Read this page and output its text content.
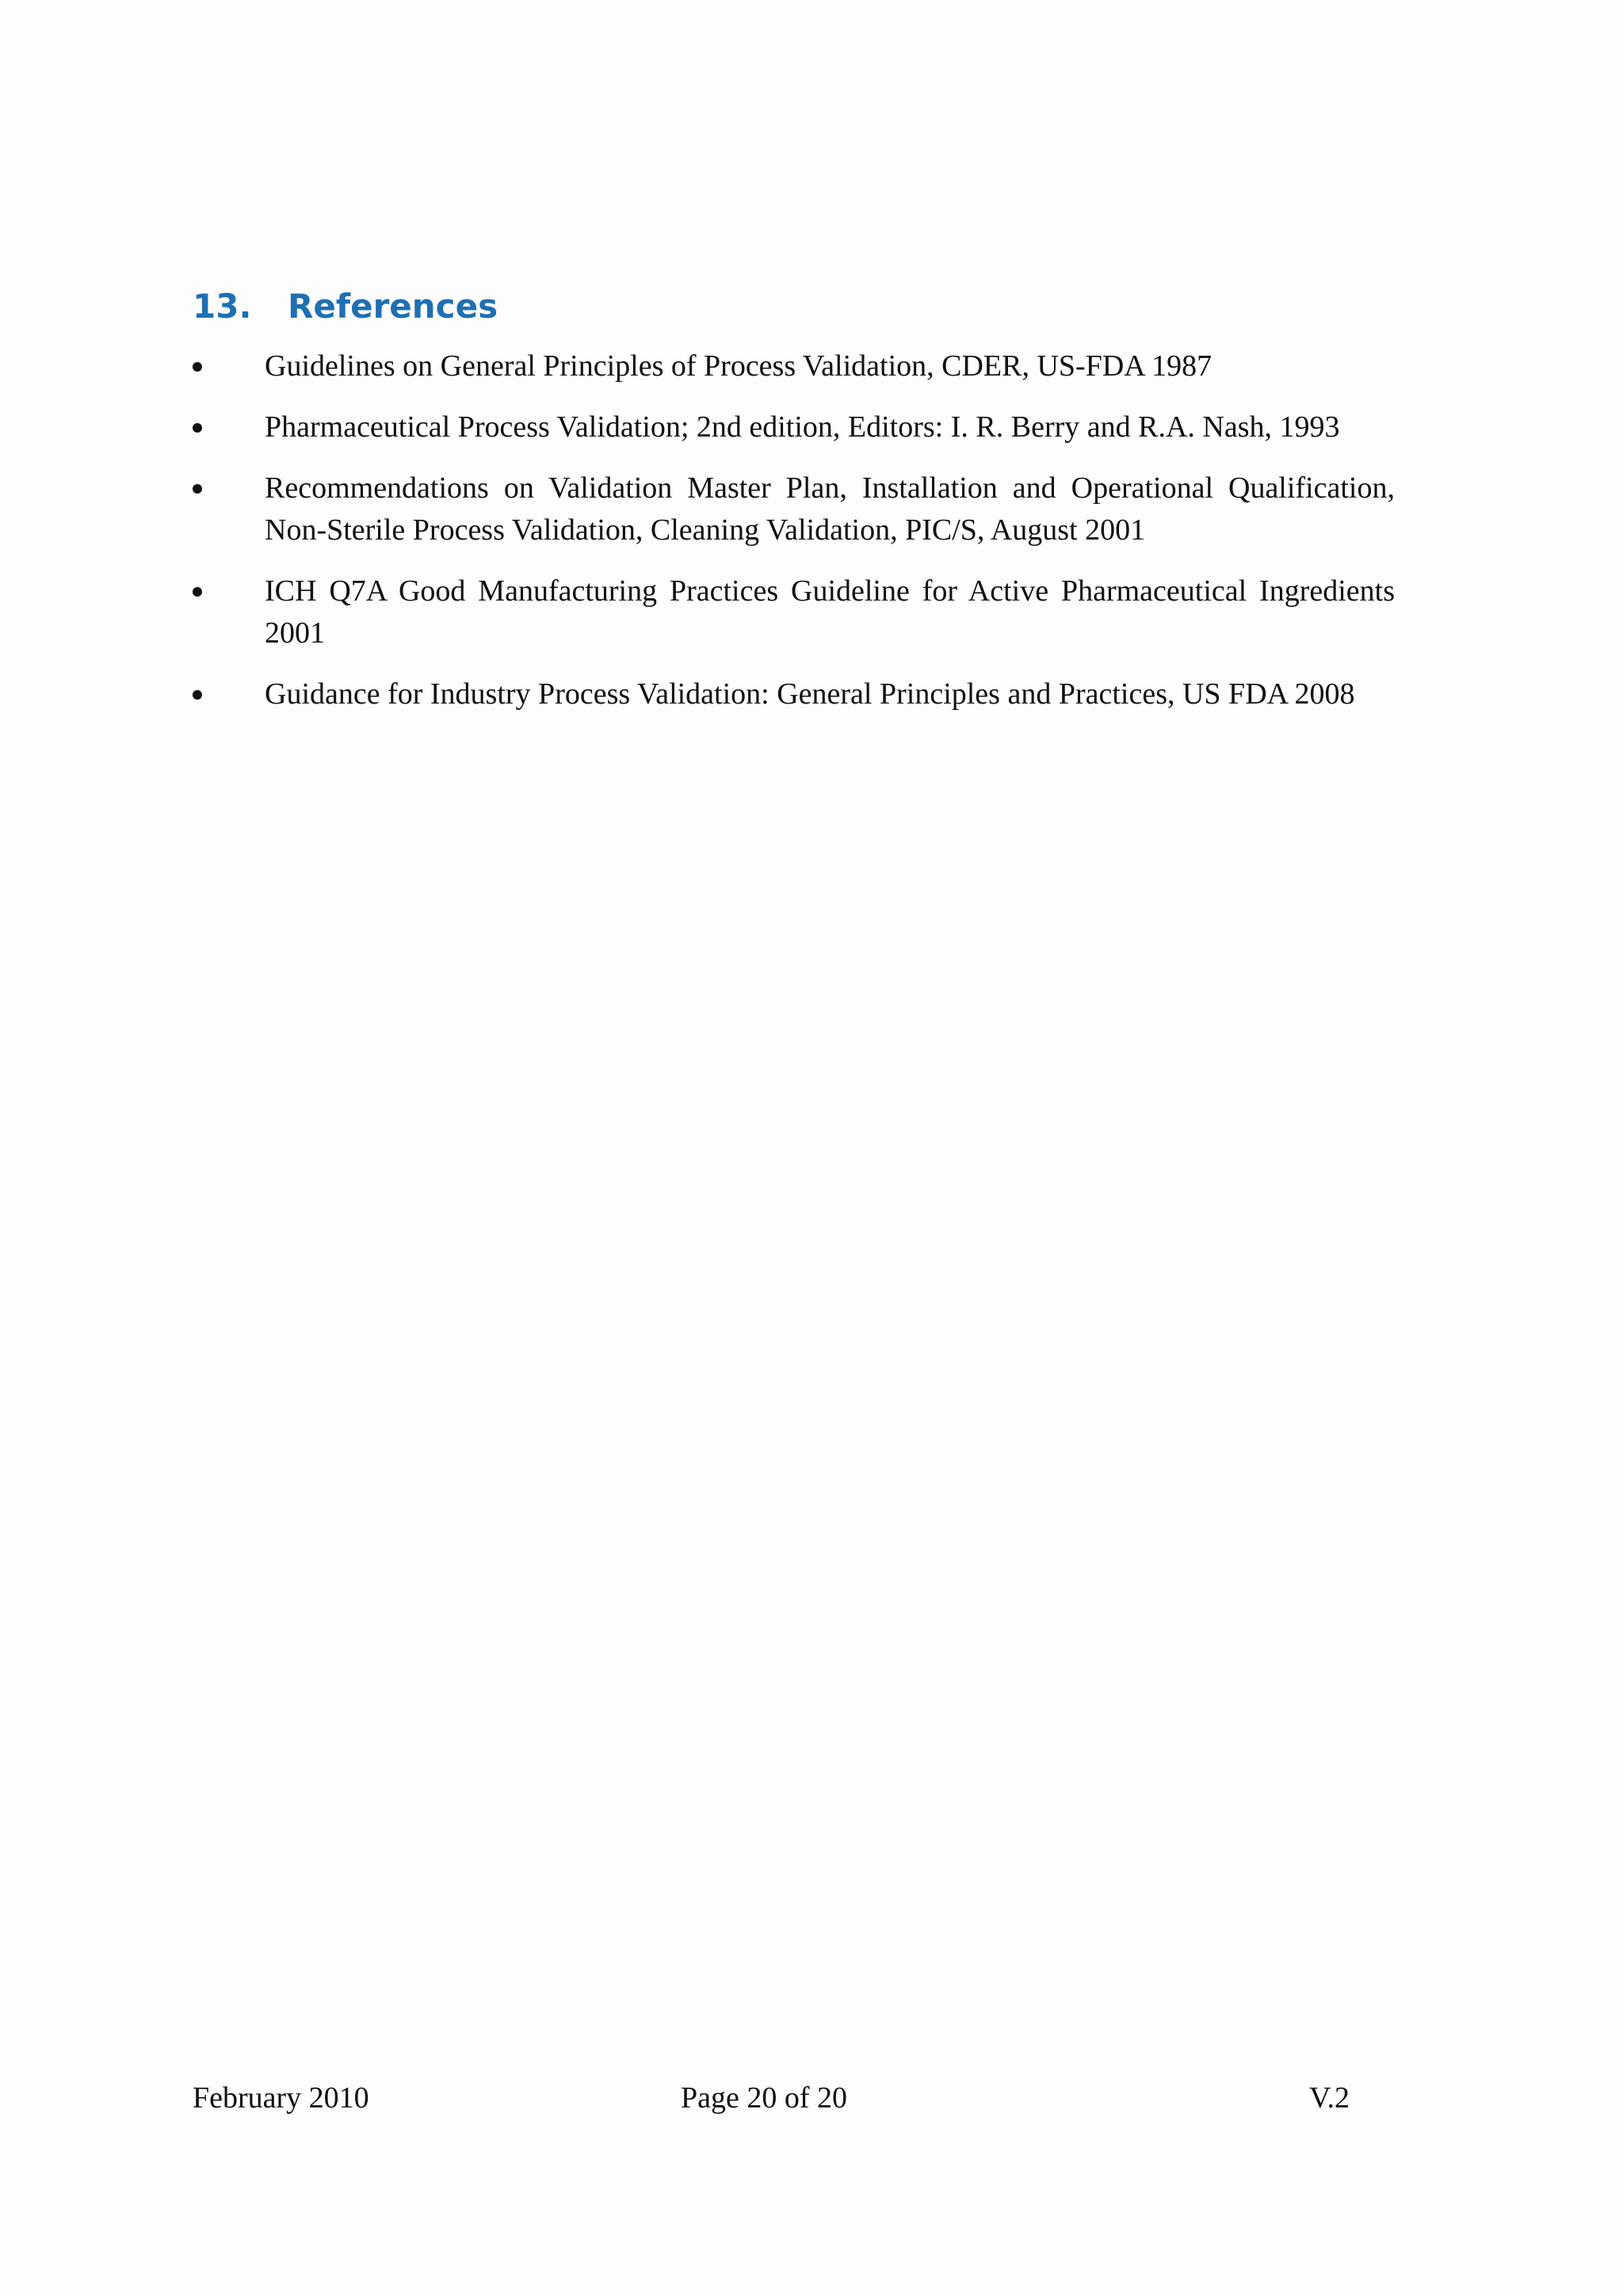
13.	References
Guidelines on General Principles of Process Validation, CDER, US-FDA 1987
Pharmaceutical Process Validation; 2nd edition, Editors: I. R. Berry and R.A. Nash, 1993
Recommendations on Validation Master Plan, Installation and Operational Qualification, Non-Sterile Process Validation, Cleaning Validation, PIC/S, August 2001
ICH Q7A Good Manufacturing Practices Guideline for Active Pharmaceutical Ingredients 2001
Guidance for Industry Process Validation: General Principles and Practices, US FDA 2008
February 2010	Page 20 of 20	V.2
